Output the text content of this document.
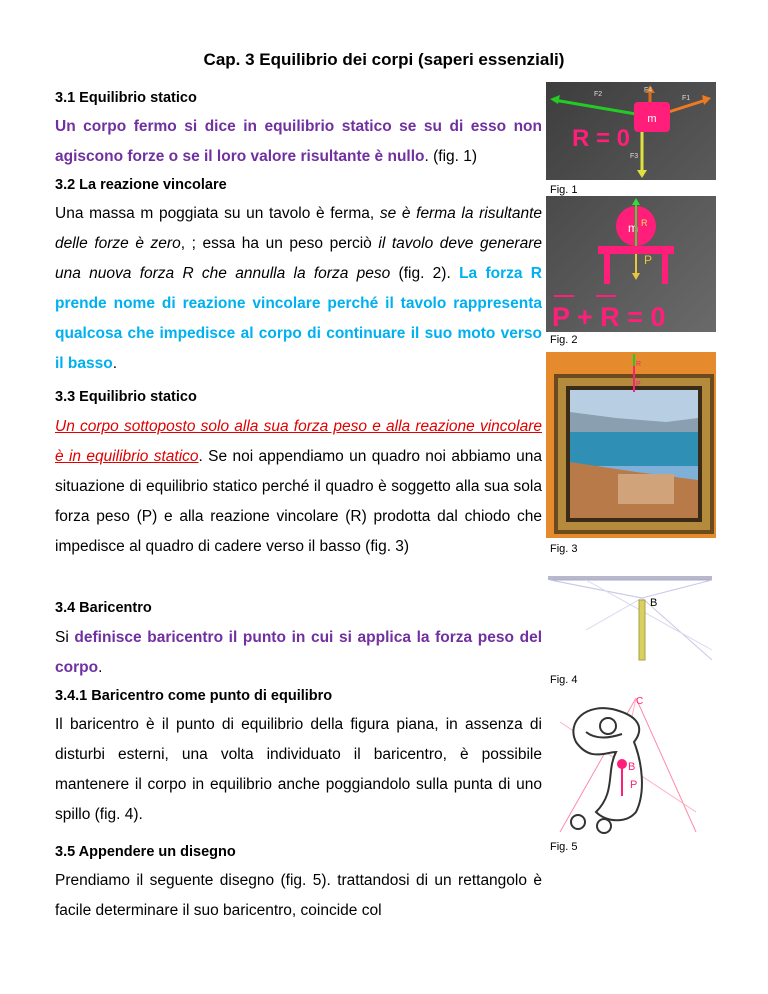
Cap. 3 Equilibrio dei corpi (saperi essenziali)
3.1 Equilibrio statico
Un corpo fermo si dice in equilibrio statico se su di esso non agiscono forze o se il loro valore risultante è nullo. (fig. 1)
3.2 La reazione vincolare
Una massa m poggiata su un tavolo è ferma, se è ferma la risultante delle forze è zero, ; essa ha un peso perciò il tavolo deve generare una nuova forza R che annulla la forza peso (fig. 2). La forza R prende nome di reazione vincolare perché il tavolo rappresenta qualcosa che impedisce al corpo di continuare il suo moto verso il basso.
3.3 Equilibrio statico
Un corpo sottoposto solo alla sua forza peso e alla reazione vincolare è in equilibrio statico. Se noi appendiamo un quadro noi abbiamo una situazione di equilibrio statico perché il quadro è soggetto alla sua sola forza peso (P) e alla reazione vincolare (R) prodotta dal chiodo che impedisce al quadro di cadere verso il basso (fig. 3)
3.4 Baricentro
Si definisce baricentro il punto in cui si applica la forza peso del corpo.
3.4.1 Baricentro come punto di equilibro
Il baricentro è il punto di equilibrio della figura piana, in assenza di disturbi esterni, una volta individuato il baricentro, è possibile mantenere il corpo in equilibrio anche poggiandolo sulla punta di uno spillo (fig. 4).
3.5 Appendere un disegno
Prendiamo il seguente disegno (fig. 5). trattandosi di un rettangolo è facile determinare il suo baricentro, coincide col
m
R = 0
F2
F4
F1
F3
Fig. 1
m R
P
P + R = 0
Fig. 2
R
P
Fig. 3
B
Fig. 4
C
B
P
Fig. 5
